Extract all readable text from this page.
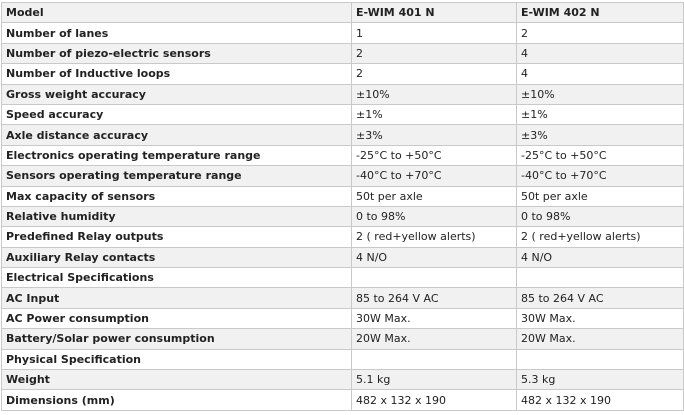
Model	E-WIM 401 N	E-WIM 402 N
Number of lanes	1	2
Number of piezo-electric sensors	2	4
Number of Inductive loops	2	4
Gross weight accuracy	±10%	±10%
Speed accuracy	±1%	±1%
Axle distance accuracy	±3%	±3%
Electronics operating temperature range	-25°C to +50°C	-25°C to +50°C
Sensors operating temperature range	-40°C to +70°C	-40°C to +70°C
Max capacity of sensors	50t per axle	50t per axle
Relative humidity	0 to 98%	0 to 98%
Predefined Relay outputs	2 ( red+yellow alerts)	2 ( red+yellow alerts)
Auxiliary Relay contacts	4 N/O	4 N/O
Electrical Specifications		
AC Input	85 to 264 V AC	85 to 264 V AC
AC Power consumption	30W Max.	30W Max.
Battery/Solar power consumption	20W Max.	20W Max.
Physical Specification		
Weight	5.1 kg	5.3 kg
Dimensions (mm)	482 x 132 x 190	482 x 132 x 190
